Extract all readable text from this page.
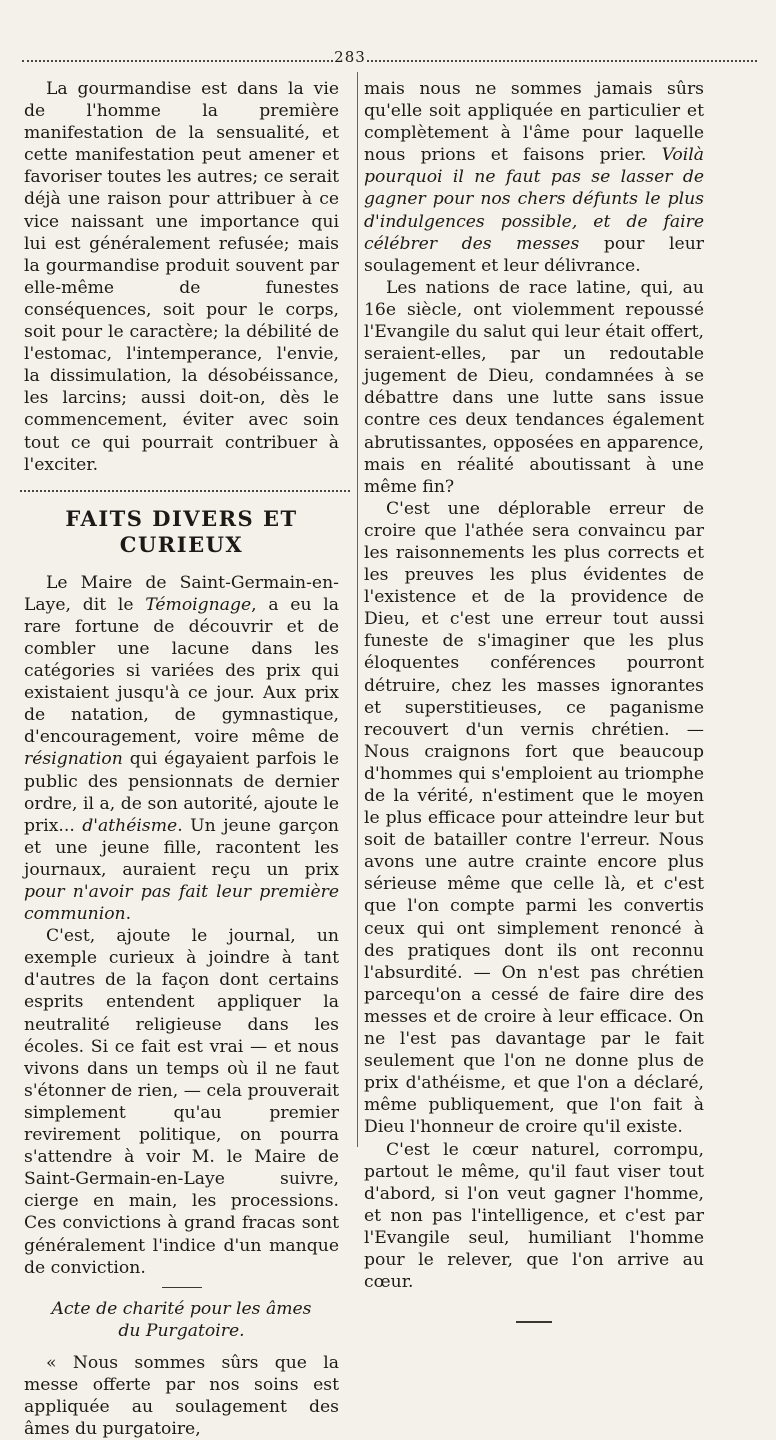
283

La gourmandise est dans la vie de l'homme la première manifestation de la sensualité, et cette manifestation peut amener et favoriser toutes les autres; ce serait déjà une raison pour attribuer à ce vice naissant une importance qui lui est généralement refusée; mais la gourmandise produit souvent par elle-même de funestes conséquences, soit pour le corps, soit pour le caractère; la débilité de l'estomac, l'intemperance, l'envie, la dissimulation, la désobéissance, les larcins; aussi doit-on, dès le commencement, éviter avec soin tout ce qui pourrait contribuer à l'exciter.

FAITS DIVERS ET CURIEUX

Le Maire de Saint-Germain-en-Laye, dit le Témoignage, a eu la rare fortune de découvrir et de combler une lacune dans les catégories si variées des prix qui existaient jusqu'à ce jour. Aux prix de natation, de gymnastique, d'encouragement, voire même de résignation qui égayaient parfois le public des pensionnats de dernier ordre, il a, de son autorité, ajoute le prix... d'athéisme. Un jeune garçon et une jeune fille, racontent les journaux, auraient reçu un prix pour n'avoir pas fait leur première communion.

C'est, ajoute le journal, un exemple curieux à joindre à tant d'autres de la façon dont certains esprits entendent appliquer la neutralité religieuse dans les écoles. Si ce fait est vrai — et nous vivons dans un temps où il ne faut s'étonner de rien, — cela prouverait simplement qu'au premier revirement politique, on pourra s'attendre à voir M. le Maire de Saint-Germain-en-Laye suivre, cierge en main, les processions. Ces convictions à grand fracas sont généralement l'indice d'un manque de conviction.

Acte de charité pour les âmes
du Purgatoire.

« Nous sommes sûrs que la messe offerte par nos soins est appliquée au soulagement des âmes du purgatoire,

mais nous ne sommes jamais sûrs qu'elle soit appliquée en particulier et complètement à l'âme pour laquelle nous prions et faisons prier. Voilà pourquoi il ne faut pas se lasser de gagner pour nos chers défunts le plus d'indulgences possible, et de faire célébrer des messes pour leur soulagement et leur délivrance.

Les nations de race latine, qui, au 16e siècle, ont violemment repoussé l'Evangile du salut qui leur était offert, seraient-elles, par un redoutable jugement de Dieu, condamnées à se débattre dans une lutte sans issue contre ces deux tendances également abrutissantes, opposées en apparence, mais en réalité aboutissant à une même fin?

C'est une déplorable erreur de croire que l'athée sera convaincu par les raisonnements les plus corrects et les preuves les plus évidentes de l'existence et de la providence de Dieu, et c'est une erreur tout aussi funeste de s'imaginer que les plus éloquentes conférences pourront détruire, chez les masses ignorantes et superstitieuses, ce paganisme recouvert d'un vernis chrétien. — Nous craignons fort que beaucoup d'hommes qui s'emploient au triomphe de la vérité, n'estiment que le moyen le plus efficace pour atteindre leur but soit de batailler contre l'erreur. Nous avons une autre crainte encore plus sérieuse même que celle là, et c'est que l'on compte parmi les convertis ceux qui ont simplement renoncé à des pratiques dont ils ont reconnu l'absurdité. — On n'est pas chrétien parcequ'on a cessé de faire dire des messes et de croire à leur efficace. On ne l'est pas davantage par le fait seulement que l'on ne donne plus de prix d'athéisme, et que l'on a déclaré, même publiquement, que l'on fait à Dieu l'honneur de croire qu'il existe.

C'est le cœur naturel, corrompu, partout le même, qu'il faut viser tout d'abord, si l'on veut gagner l'homme, et non pas l'intelligence, et c'est par l'Evangile seul, humiliant l'homme pour le relever, que l'on arrive au cœur.
